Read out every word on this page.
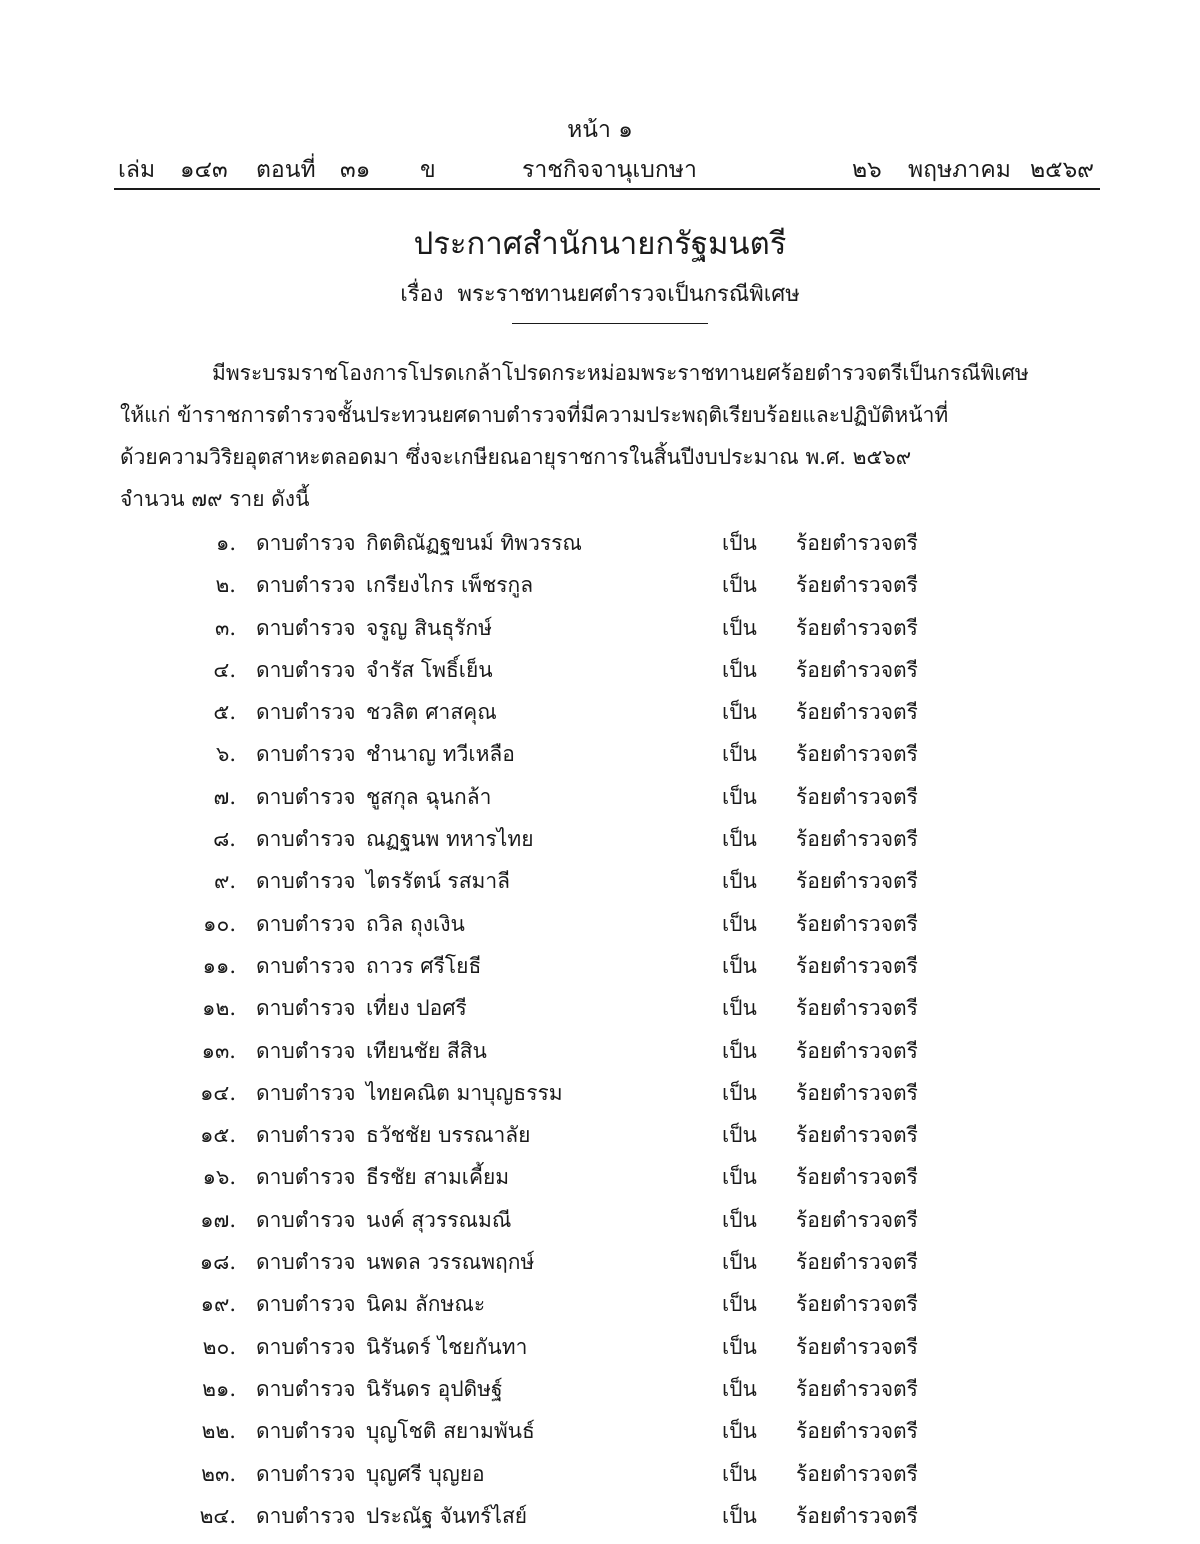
หน้า ๑
เล่ม ๑๔๓ ตอนที่ ๓๑ ข	ราชกิจจานุเบกษา	๒๖ พฤษภาคม ๒๕๖๙
ประกาศสำนักนายกรัฐมนตรี
เรื่อง พระราชทานยศตำรวจเป็นกรณีพิเศษ
มีพระบรมราชโองการโปรดเกล้าโปรดกระหม่อมพระราชทานยศร้อยตำรวจตรีเป็นกรณีพิเศษ
ให้แก่ ข้าราชการตำรวจชั้นประทวนยศดาบตำรวจที่มีความประพฤติเรียบร้อยและปฏิบัติหน้าที่
ด้วยความวิริยอุตสาหะตลอดมา ซึ่งจะเกษียณอายุราชการในสิ้นปีงบประมาณ พ.ศ. ๒๕๖๙
จำนวน ๗๙ ราย ดังนี้
๑. ดาบตำรวจ กิตติณัฏฐขนม์ ทิพวรรณ	เป็น ร้อยตำรวจตรี
๒. ดาบตำรวจ เกรียงไกร เพ็ชรกูล	เป็น ร้อยตำรวจตรี
๓. ดาบตำรวจ จรูญ สินธุรักษ์	เป็น ร้อยตำรวจตรี
๔. ดาบตำรวจ จำรัส โพธิ์เย็น	เป็น ร้อยตำรวจตรี
๕. ดาบตำรวจ ชวลิต ศาสคุณ	เป็น ร้อยตำรวจตรี
๖. ดาบตำรวจ ชำนาญ ทวีเหลือ	เป็น ร้อยตำรวจตรี
๗. ดาบตำรวจ ชูสกุล ฉุนกล้า	เป็น ร้อยตำรวจตรี
๘. ดาบตำรวจ ณฏฐนพ ทหารไทย	เป็น ร้อยตำรวจตรี
๙. ดาบตำรวจ ไตรรัตน์ รสมาลี	เป็น ร้อยตำรวจตรี
๑๐. ดาบตำรวจ ถวิล ถุงเงิน	เป็น ร้อยตำรวจตรี
๑๑. ดาบตำรวจ ถาวร ศรีโยธี	เป็น ร้อยตำรวจตรี
๑๒. ดาบตำรวจ เที่ยง ปอศรี	เป็น ร้อยตำรวจตรี
๑๓. ดาบตำรวจ เทียนชัย สีสิน	เป็น ร้อยตำรวจตรี
๑๔. ดาบตำรวจ ไทยคณิต มาบุญธรรม	เป็น ร้อยตำรวจตรี
๑๕. ดาบตำรวจ ธวัชชัย บรรณาลัย	เป็น ร้อยตำรวจตรี
๑๖. ดาบตำรวจ ธีรชัย สามเคี้ยม	เป็น ร้อยตำรวจตรี
๑๗. ดาบตำรวจ นงค์ สุวรรณมณี	เป็น ร้อยตำรวจตรี
๑๘. ดาบตำรวจ นพดล วรรณพฤกษ์	เป็น ร้อยตำรวจตรี
๑๙. ดาบตำรวจ นิคม ลักษณะ	เป็น ร้อยตำรวจตรี
๒๐. ดาบตำรวจ นิรันดร์ ไชยกันทา	เป็น ร้อยตำรวจตรี
๒๑. ดาบตำรวจ นิรันดร อุปดิษฐ์	เป็น ร้อยตำรวจตรี
๒๒. ดาบตำรวจ บุญโชติ สยามพันธ์	เป็น ร้อยตำรวจตรี
๒๓. ดาบตำรวจ บุญศรี บุญยอ	เป็น ร้อยตำรวจตรี
๒๔. ดาบตำรวจ ประณัฐ จันทร์ไสย์	เป็น ร้อยตำรวจตรี
